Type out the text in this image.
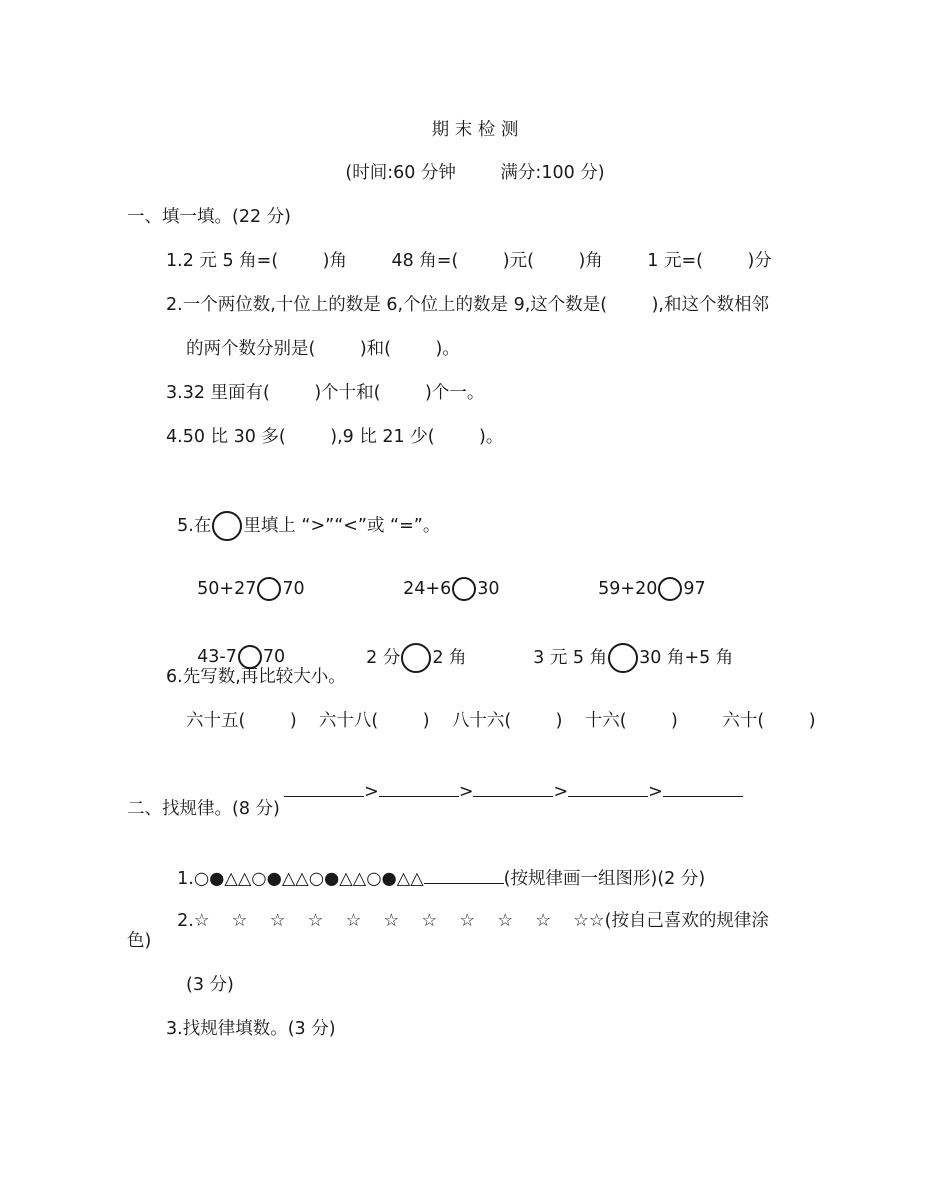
期 末 检 测
(时间:60 分钟        满分:100 分)
一、填一填。(22 分)
1.2 元 5 角=(        )角        48 角=(        )元(        )角        1 元=(        )分
2.一个两位数,十位上的数是 6,个位上的数是 9,这个数是(        ),和这个数相邻
的两个数分别是(        )和(        )。
3.32 里面有(        )个十和(        )个一。
4.50 比 30 多(        ),9 比 21 少(        )。

5.在 里填上 “>”“<”或 “=”。

50+27 70	24+6 30	59+20 97

43-7 70	2 分 2 角	3 元 5 角 30 角+5 角

6.先写数,再比较大小。
六十五(        )    六十八(        )    八十六(        )    十六(        )        六十(        )

>	>	>	>

二、找规律。(8 分)

1.○●△△○●△△○●△△○●△△	(按规律画一组图形)(2 分)

2.☆    ☆    ☆    ☆    ☆    ☆    ☆    ☆    ☆    ☆    ☆☆(按自己喜欢的规律涂

色)
(3 分)
3.找规律填数。(3 分)
